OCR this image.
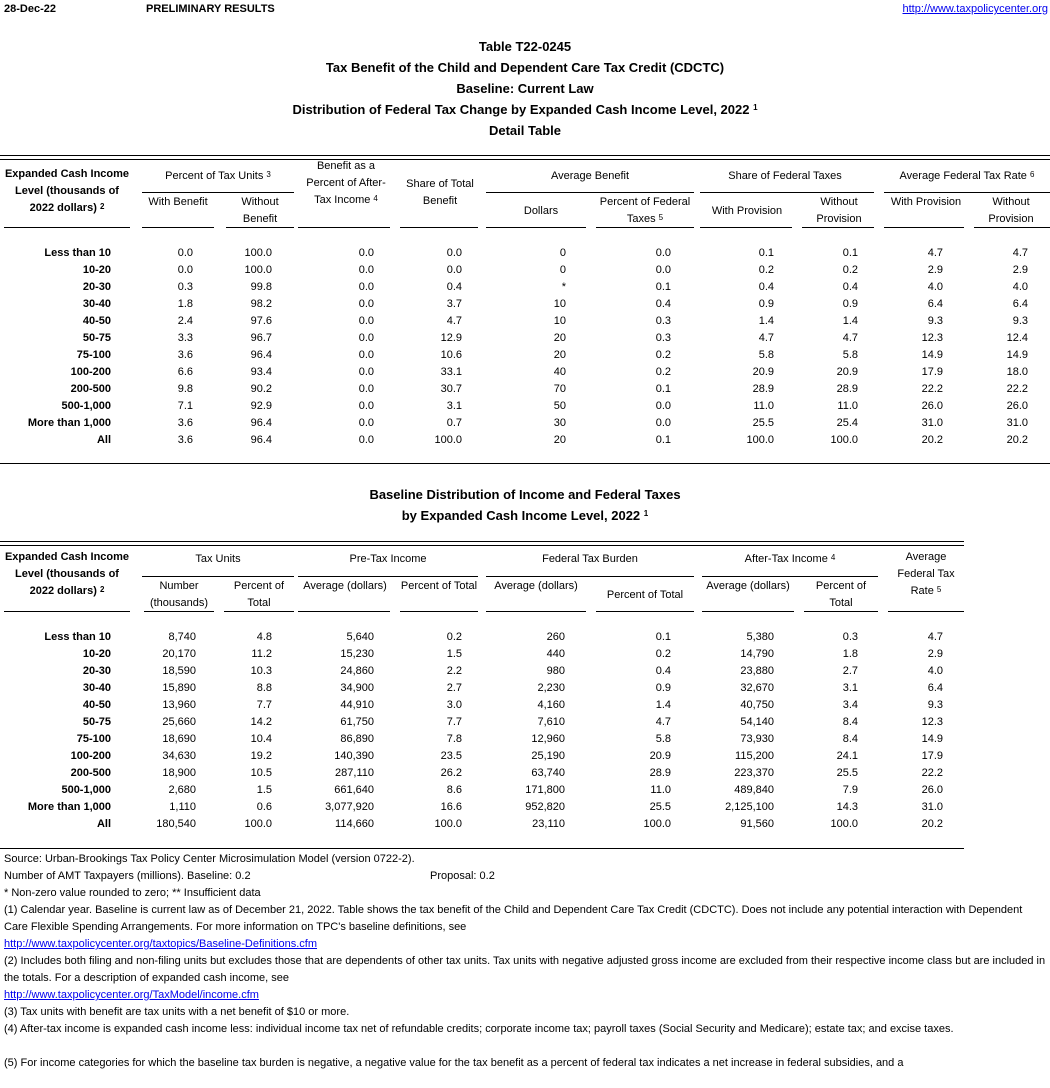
28-Dec-22	PRELIMINARY RESULTS	http://www.taxpolicycenter.org
Table T22-0245
Tax Benefit of the Child and Dependent Care Tax Credit (CDCTC)
Baseline: Current Law
Distribution of Federal Tax Change by Expanded Cash Income Level, 2022 $^1$
Detail Table
Expanded Cash Income Level (thousands of 2022 dollars) $^2$
Percent of Tax Units $^3$
With Benefit	Without Benefit
Benefit as a Percent of After-Tax Income $^4$
Share of Total Benefit
Average Benefit
Dollars
Percent of Federal Taxes $^5$
Share of Federal Taxes
With Provision
Without Provision
Average Federal Tax Rate $^6$
With Provision	Without Provision
Less than 10	0.0	100.0	0.0	0.0	0	0.0	0.1	0.1	4.7	4.7
10-20	0.0	100.0	0.0	0.0	0	0.0	0.2	0.2	2.9	2.9
20-30	0.3	99.8	0.0	0.4	*	0.1	0.4	0.4	4.0	4.0
30-40	1.8	98.2	0.0	3.7	10	0.4	0.9	0.9	6.4	6.4
40-50	2.4	97.6	0.0	4.7	10	0.3	1.4	1.4	9.3	9.3
50-75	3.3	96.7	0.0	12.9	20	0.3	4.7	4.7	12.3	12.4
75-100	3.6	96.4	0.0	10.6	20	0.2	5.8	5.8	14.9	14.9
100-200	6.6	93.4	0.0	33.1	40	0.2	20.9	20.9	17.9	18.0
200-500	9.8	90.2	0.0	30.7	70	0.1	28.9	28.9	22.2	22.2
500-1,000	7.1	92.9	0.0	3.1	50	0.0	11.0	11.0	26.0	26.0
More than 1,000	3.6	96.4	0.0	0.7	30	0.0	25.5	25.4	31.0	31.0
All	3.6	96.4	0.0	100.0	20	0.1	100.0	100.0	20.2	20.2
Baseline Distribution of Income and Federal Taxes
by Expanded Cash Income Level, 2022 $^1$
Expanded Cash Income Level (thousands of 2022 dollars) $^2$
Tax Units
Number (thousands)
Percent of Total
Pre-Tax Income
Average (dollars) Percent of Total
Federal Tax Burden
Average (dollars)
Percent of Total
After-Tax Income $^4$
Average (dollars)	Percent of Total
Average Federal Tax Rate $^5$
Less than 10	8,740	4.8	5,640	0.2	260	0.1	5,380	0.3	4.7
10-20	20,170	11.2	15,230	1.5	440	0.2	14,790	1.8	2.9
20-30	18,590	10.3	24,860	2.2	980	0.4	23,880	2.7	4.0
30-40	15,890	8.8	34,900	2.7	2,230	0.9	32,670	3.1	6.4
40-50	13,960	7.7	44,910	3.0	4,160	1.4	40,750	3.4	9.3
50-75	25,660	14.2	61,750	7.7	7,610	4.7	54,140	8.4	12.3
75-100	18,690	10.4	86,890	7.8	12,960	5.8	73,930	8.4	14.9
100-200	34,630	19.2	140,390	23.5	25,190	20.9	115,200	24.1	17.9
200-500	18,900	10.5	287,110	26.2	63,740	28.9	223,370	25.5	22.2
500-1,000	2,680	1.5	661,640	8.6	171,800	11.0	489,840	7.9	26.0
More than 1,000	1,110	0.6	3,077,920	16.6	952,820	25.5	2,125,100	14.3	31.0
All	180,540	100.0	114,660	100.0	23,110	100.0	91,560	100.0	20.2
Source: Urban-Brookings Tax Policy Center Microsimulation Model (version 0722-2).
Number of AMT Taxpayers (millions). Baseline: 0.2	Proposal: 0.2
* Non-zero value rounded to zero; ** Insufficient data
(1) Calendar year. Baseline is current law as of December 21, 2022. Table shows the tax benefit of the Child and Dependent Care Tax Credit (CDCTC). Does not include any potential interaction with Dependent Care Flexible Spending Arrangements. For more information on TPC's baseline definitions, see
http://www.taxpolicycenter.org/taxtopics/Baseline-Definitions.cfm
(2) Includes both filing and non-filing units but excludes those that are dependents of other tax units. Tax units with negative adjusted gross income are excluded from their respective income class but are included in the totals. For a description of expanded cash income, see
http://www.taxpolicycenter.org/TaxModel/income.cfm
(3) Tax units with benefit are tax units with a net benefit of $10 or more.
(4) After-tax income is expanded cash income less: individual income tax net of refundable credits; corporate income tax; payroll taxes (Social Security and Medicare); estate tax; and excise taxes.
(5) For income categories for which the baseline tax burden is negative, a negative value for the tax benefit as a percent of federal tax indicates a net increase in federal subsidies, and a
